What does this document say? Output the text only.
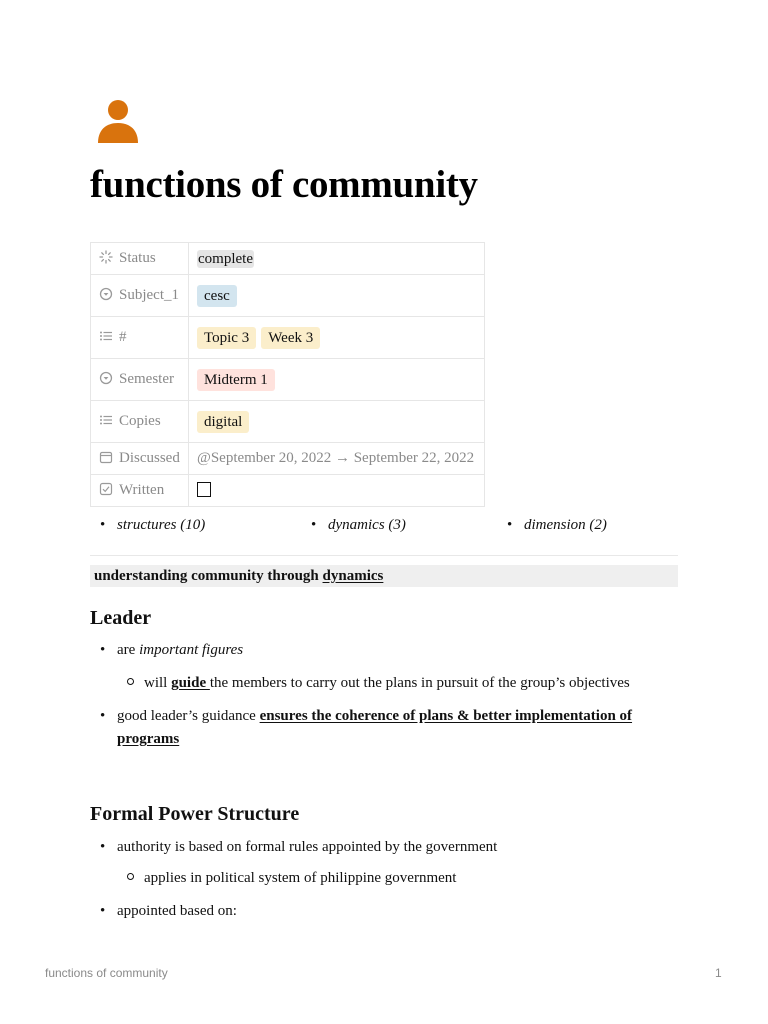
functions of community
Status	complete
Subject_1	cesc
#	Topic 3 Week 3
Semester	Midterm 1
Copies	digital
Discussed	@September 20, 2022 → September 22, 2022
Written	
• structures (10)	• dynamics (3)	• dimension (2)
understanding community through dynamics
Leader
• are important figures
will guide the members to carry out the plans in pursuit of the group’s objectives
• good leader’s guidance ensures the coherence of plans & better implementation of
programs
Formal Power Structure
• authority is based on formal rules appointed by the government
applies in political system of philippine government
• appointed based on:
functions of community	1
